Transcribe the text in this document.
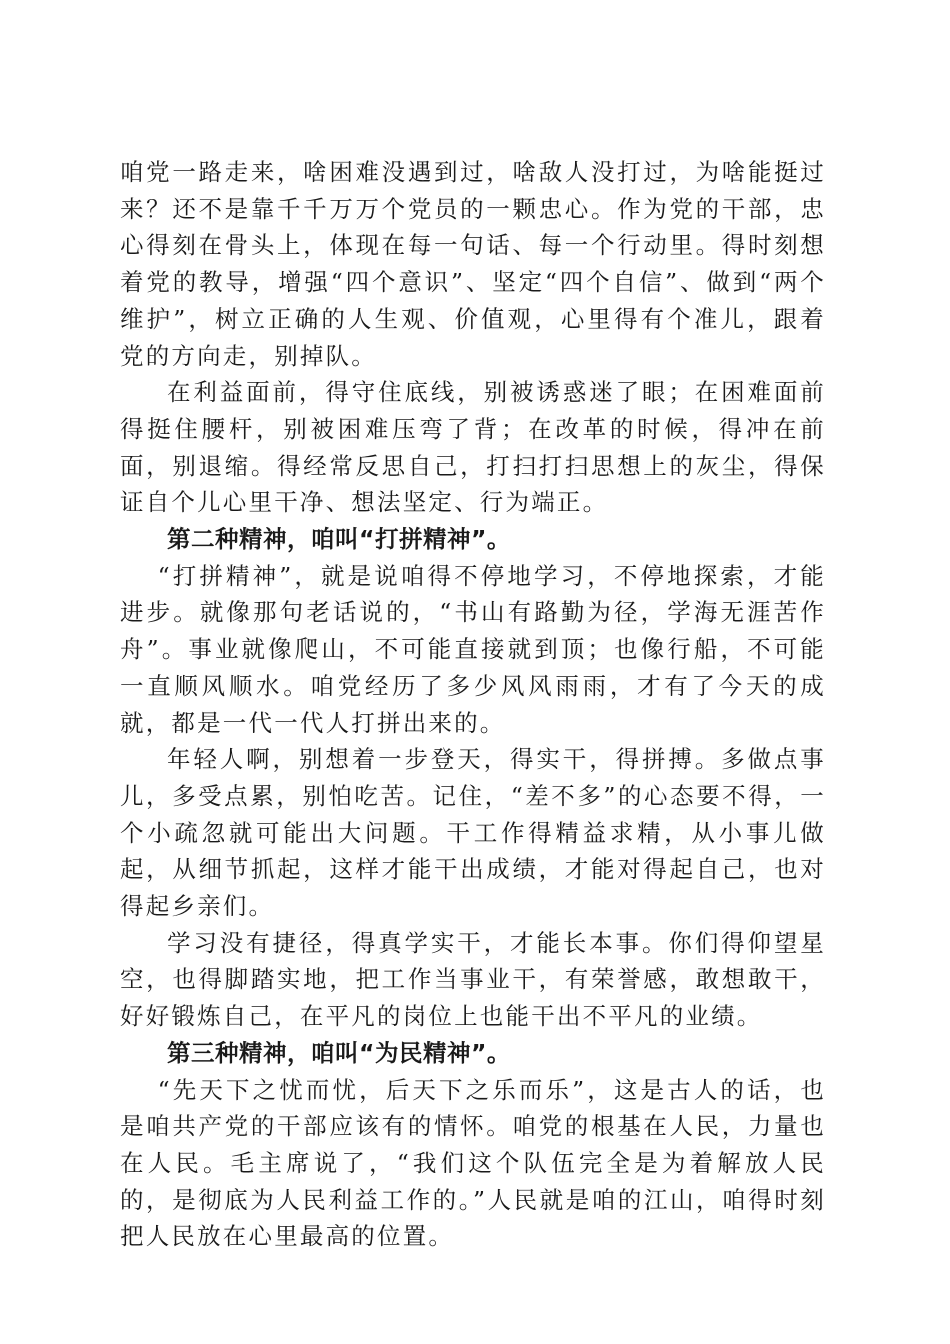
咱党一路走来，啥困难没遇到过，啥敌人没打过，为啥能挺过来？还不是靠千千万万个党员的一颗忠心。作为党的干部，忠心得刻在骨头上，体现在每一句话、每一个行动里。得时刻想着党的教导，增强“四个意识”、坚定“四个自信”、做到“两个维护”，树立正确的人生观、价值观，心里得有个准儿，跟着党的方向走，别掉队。

在利益面前，得守住底线，别被诱惑迷了眼；在困难面前得挺住腰杆，别被困难压弯了背；在改革的时候，得冲在前面，别退缩。得经常反思自己，打扫打扫思想上的灰尘，得保证自个儿心里干净、想法坚定、行为端正。

第二种精神，咱叫“打拼精神”。

“打拼精神”，就是说咱得不停地学习，不停地探索，才能进步。就像那句老话说的，“书山有路勤为径，学海无涯苦作舟”。事业就像爬山，不可能直接就到顶；也像行船，不可能一直顺风顺水。咱党经历了多少风风雨雨，才有了今天的成就，都是一代一代人打拼出来的。

年轻人啊，别想着一步登天，得实干，得拼搏。多做点事儿，多受点累，别怕吃苦。记住，“差不多”的心态要不得，一个小疏忽就可能出大问题。干工作得精益求精，从小事儿做起，从细节抓起，这样才能干出成绩，才能对得起自己，也对得起乡亲们。

学习没有捷径，得真学实干，才能长本事。你们得仰望星空，也得脚踏实地，把工作当事业干，有荣誉感，敢想敢干，好好锻炼自己，在平凡的岗位上也能干出不平凡的业绩。

第三种精神，咱叫“为民精神”。

“先天下之忧而忧，后天下之乐而乐”，这是古人的话，也是咱共产党的干部应该有的情怀。咱党的根基在人民，力量也在人民。毛主席说了，“我们这个队伍完全是为着解放人民的，是彻底为人民利益工作的。”人民就是咱的江山，咱得时刻把人民放在心里最高的位置。
